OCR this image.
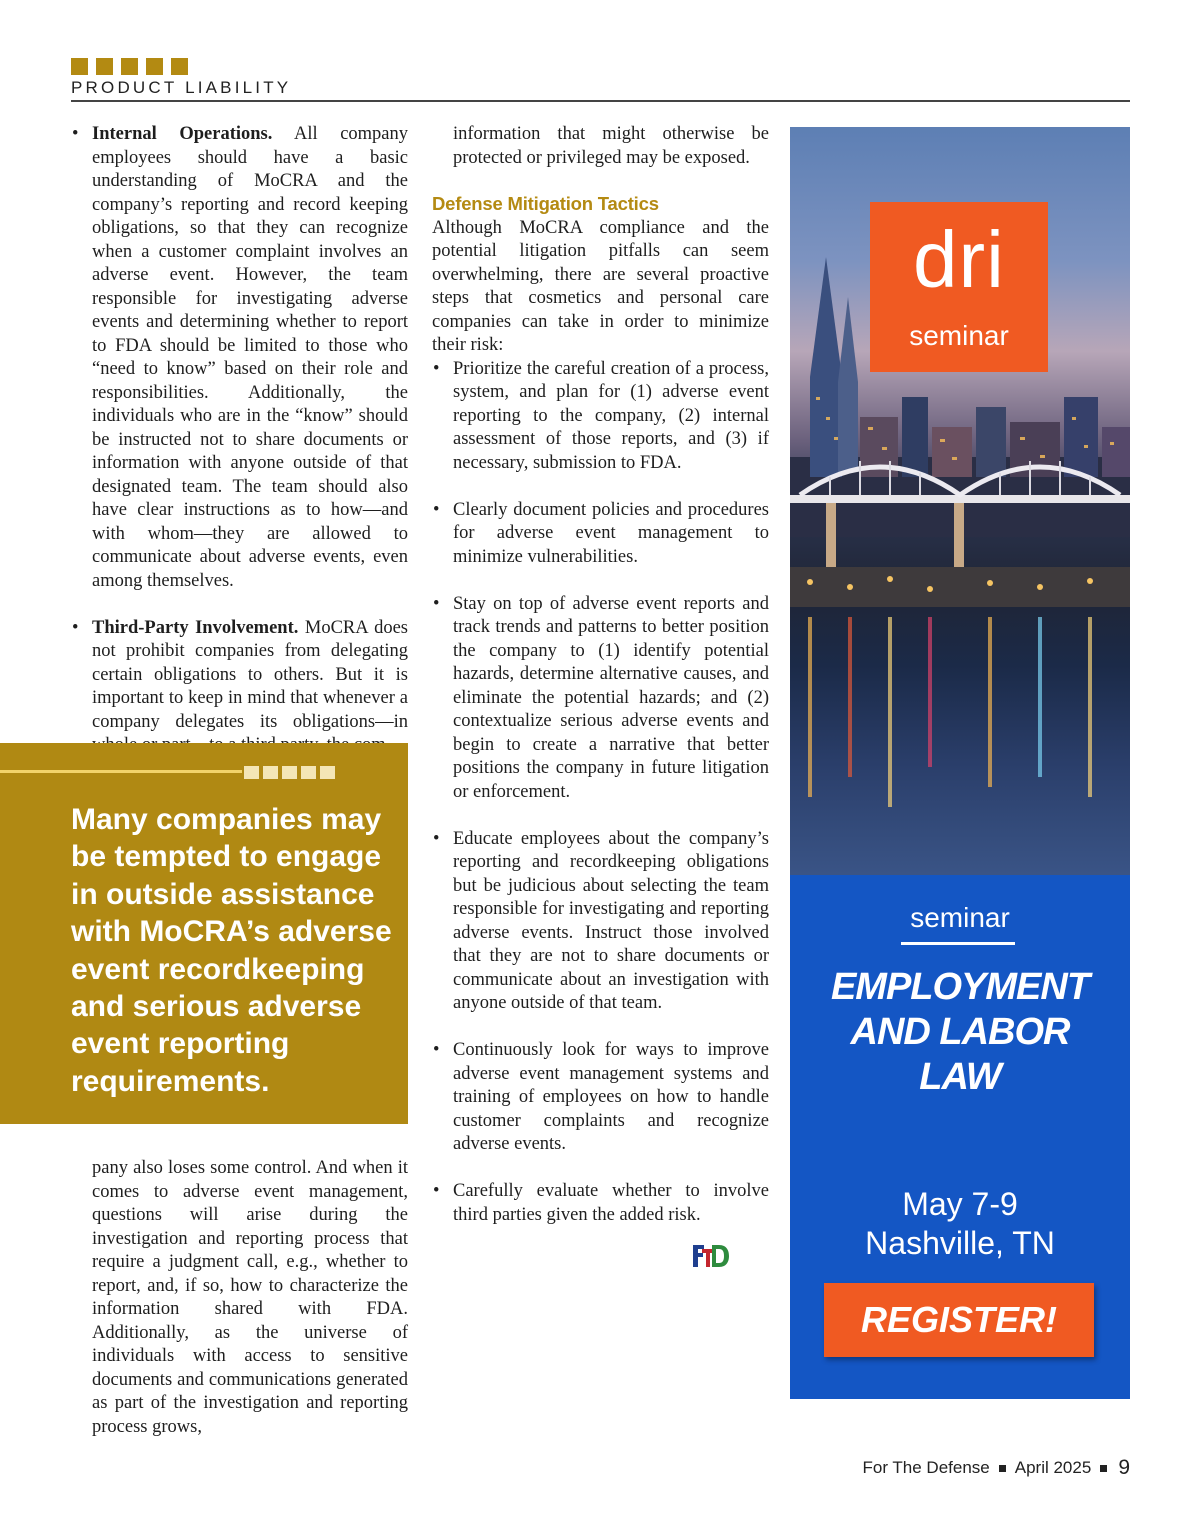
PRODUCT LIABILITY
• Internal Operations. All company employees should have a basic understanding of MoCRA and the company’s reporting and record keeping obligations, so that they can recognize when a customer complaint involves an adverse event. However, the team responsible for investigating adverse events and determining whether to report to FDA should be limited to those who “need to know” based on their role and responsibilities. Additionally, the individuals who are in the “know” should be instructed not to share documents or information with anyone outside of that designated team. The team should also have clear instructions as to how—and with whom—they are allowed to communicate about adverse events, even among themselves.
• Third-Party Involvement. MoCRA does not prohibit companies from delegating certain obligations to others. But it is important to keep in mind that whenever a company delegates its obligations—in
Many companies may be tempted to engage in outside assistance with MoCRA’s adverse event recordkeeping and serious adverse event reporting requirements.
pany also loses some control. And when it comes to adverse event management, questions will arise during the investigation and reporting process that require a judgment call, e.g., whether to report, and, if so, how to characterize the information shared with FDA. Additionally, as the universe of individuals with access to sensitive documents and communications generated as part of the investigation and reporting process grows,
information that might otherwise be protected or privileged may be exposed.
Defense Mitigation Tactics
Although MoCRA compliance and the potential litigation pitfalls can seem overwhelming, there are several proactive steps that cosmetics and personal care companies can take in order to minimize their risk:
• Prioritize the careful creation of a process, system, and plan for (1) adverse event reporting to the company, (2) internal assessment of those reports, and (3) if necessary, submission to FDA.
• Clearly document policies and procedures for adverse event management to minimize vulnerabilities.
• Stay on top of adverse event reports and track trends and patterns to better position the company to (1) identify potential hazards, determine alternative causes, and eliminate the potential hazards; and (2) contextualize serious adverse events and begin to create a narrative that better positions the company in future litigation or enforcement.
• Educate employees about the company’s reporting and recordkeeping obligations but be judicious about selecting the team responsible for investigating and reporting adverse events. Instruct those involved that they are not to share documents or communicate about an investigation with anyone outside of that team.
• Continuously look for ways to improve adverse event management systems and training of employees on how to handle customer complaints and recognize adverse events.
• Carefully evaluate whether to involve third parties given the added risk.
dri
seminar
seminar
EMPLOYMENT
AND LABOR
LAW
May 7-9
Nashville, TN
REGISTER!
For The Defense April 2025 9
